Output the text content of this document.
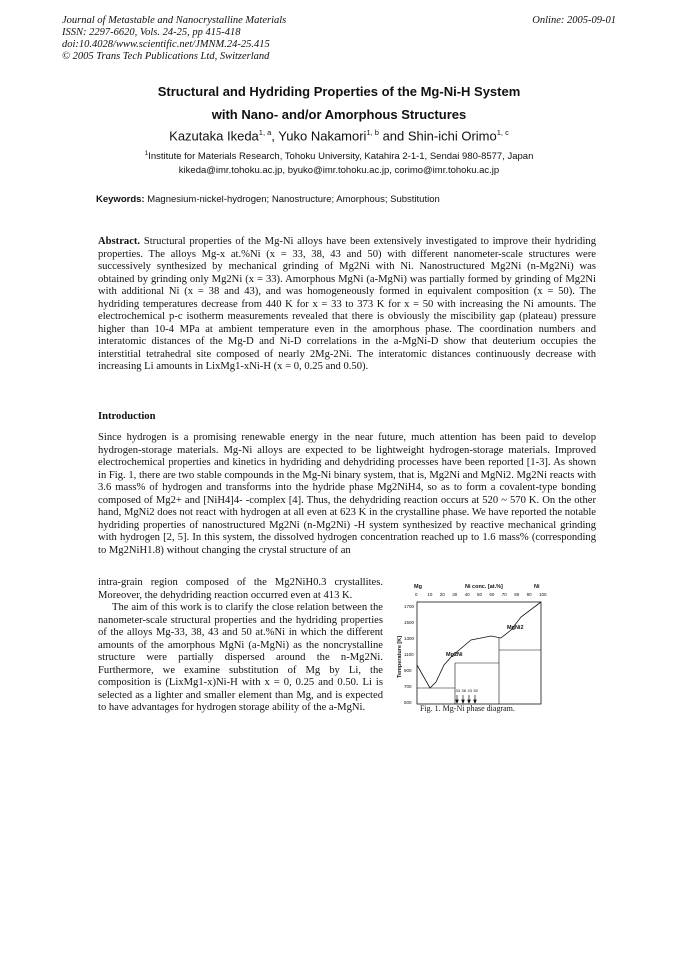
Journal of Metastable and Nanocrystalline Materials
ISSN: 2297-6620, Vols. 24-25, pp 415-418
doi:10.4028/www.scientific.net/JMNM.24-25.415
© 2005 Trans Tech Publications Ltd, Switzerland
Online: 2005-09-01
Structural and Hydriding Properties of the Mg-Ni-H System
with Nano- and/or Amorphous Structures
Kazutaka Ikeda$^{1, a}$, Yuko Nakamori$^{1, b}$ and Shin-ichi Orimo$^{1, c}$
$^1$Institute for Materials Research, Tohoku University, Katahira 2-1-1, Sendai 980-8577, Japan
kikeda@imr.tohoku.ac.jp, byuko@imr.tohoku.ac.jp, corimo@imr.tohoku.ac.jp
Keywords: Magnesium-nickel-hydrogen; Nanostructure; Amorphous; Substitution
Abstract. Structural properties of the Mg-Ni alloys have been extensively investigated to improve their hydriding properties. The alloys Mg-x at.%Ni (x = 33, 38, 43 and 50) with different nanometer-scale structures were successively synthesized by mechanical grinding of Mg2Ni with Ni. Nanostructured Mg2Ni (n-Mg2Ni) was obtained by grinding only Mg2Ni (x = 33). Amorphous MgNi (a-MgNi) was partially formed by grinding of Mg2Ni with additional Ni (x = 38 and 43), and was homogeneously formed in equivalent composition (x = 50). The hydriding temperatures decrease from 440 K for x = 33 to 373 K for x = 50 with increasing the Ni amounts. The electrochemical p-c isotherm measurements revealed that there is obviously the miscibility gap (plateau) pressure higher than 10-4 MPa at ambient temperature even in the amorphous phase. The coordination numbers and interatomic distances of the Mg-D and Ni-D correlations in the a-MgNi-D show that deuterium occupies the interstitial tetrahedral site composed of nearly 2Mg-2Ni. The interatomic distances continuously decrease with increasing Li amounts in LixMg1-xNi-H (x = 0, 0.25 and 0.50).
Introduction
Since hydrogen is a promising renewable energy in the near future, much attention has been paid to develop hydrogen-storage materials. Mg-Ni alloys are expected to be lightweight hydrogen-storage materials. Improved electrochemical properties and kinetics in hydriding and dehydriding processes have been reported [1-3]. As shown in Fig. 1, there are two stable compounds in the Mg-Ni binary system, that is, Mg2Ni and MgNi2. Mg2Ni reacts with 3.6 mass% of hydrogen and transforms into the hydride phase Mg2NiH4, so as to form a covalent-type bonding composed of Mg2+ and [NiH4]4- -complex [4]. Thus, the dehydriding reaction occurs at 520 ~ 570 K. On the other hand, MgNi2 does not react with hydrogen at all even at 623 K in the crystalline phase. We have reported the notable hydriding properties of nanostructured Mg2Ni (n-Mg2Ni) -H system synthesized by reactive mechanical grinding with hydrogen [2, 5]. In this system, the dissolved hydrogen concentration reached up to 1.6 mass% (corresponding to Mg2NiH1.8) without changing the crystal structure of an

intra-grain region composed of the Mg2NiH0.3 crystallites. Moreover, the dehydriding reaction occurred even at 413 K.

The aim of this work is to clarify the close relation between the nanometer-scale structural properties and the hydriding properties of the alloys Mg-33, 38, 43 and 50 at.%Ni in which the different amounts of the amorphous MgNi (a-MgNi) as the noncrystalline structure were partially dispersed around the n-Mg2Ni. Furthermore, we examine substitution of Mg by Li, the composition is (LixMg1-x)Ni-H with x = 0, 0.25 and 0.50. Li is selected as a lighter and smaller element than Mg, and is expected to have advantages for hydrogen storage ability of the a-MgNi.

Mg	Ni
Ni conc. [at.%]
Temperature [K]
MgNi2
Mg2Ni
0 10 20 30 40 50 60 70 80 90 100
1700
1500
1300
1100
900
700
500
33 38 43 50
Fig. 1. Mg-Ni phase diagram.
